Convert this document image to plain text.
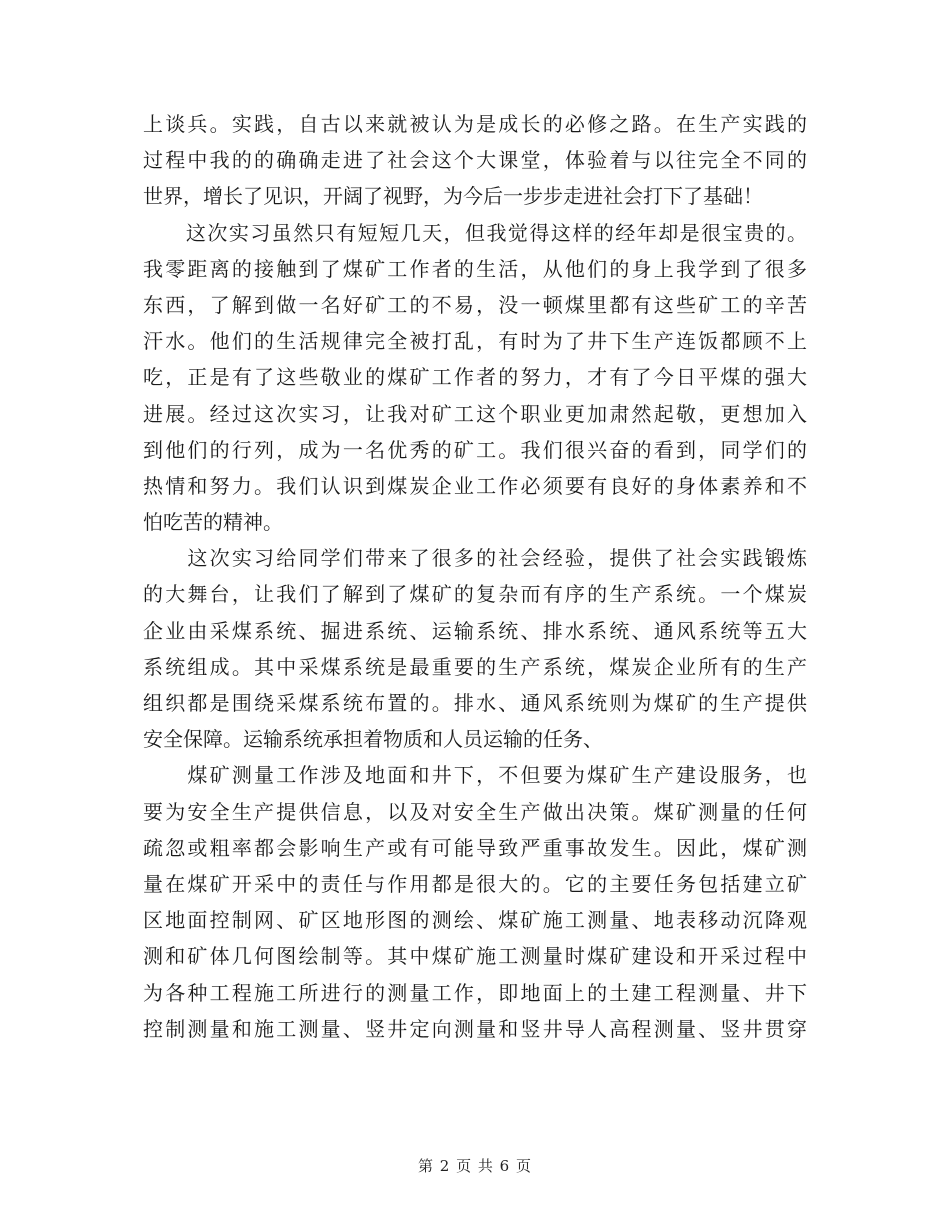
上谈兵。实践，自古以来就被认为是成长的必修之路。在生产实践的
过程中我的的确确走进了社会这个大课堂，体验着与以往完全不同的
世界，增长了见识，开阔了视野，为今后一步步走进社会打下了基础！
　　这次实习虽然只有短短几天，但我觉得这样的经年却是很宝贵的。
我零距离的接触到了煤矿工作者的生活，从他们的身上我学到了很多
东西，了解到做一名好矿工的不易，没一顿煤里都有这些矿工的辛苦
汗水。他们的生活规律完全被打乱，有时为了井下生产连饭都顾不上
吃，正是有了这些敬业的煤矿工作者的努力，才有了今日平煤的强大
进展。经过这次实习，让我对矿工这个职业更加肃然起敬，更想加入
到他们的行列，成为一名优秀的矿工。我们很兴奋的看到，同学们的
热情和努力。我们认识到煤炭企业工作必须要有良好的身体素养和不
怕吃苦的精神。
　　这次实习给同学们带来了很多的社会经验，提供了社会实践锻炼
的大舞台，让我们了解到了煤矿的复杂而有序的生产系统。一个煤炭
企业由采煤系统、掘进系统、运输系统、排水系统、通风系统等五大
系统组成。其中采煤系统是最重要的生产系统，煤炭企业所有的生产
组织都是围绕采煤系统布置的。排水、通风系统则为煤矿的生产提供
安全保障。运输系统承担着物质和人员运输的任务、
　　煤矿测量工作涉及地面和井下，不但要为煤矿生产建设服务，也
要为安全生产提供信息，以及对安全生产做出决策。煤矿测量的任何
疏忽或粗率都会影响生产或有可能导致严重事故发生。因此，煤矿测
量在煤矿开采中的责任与作用都是很大的。它的主要任务包括建立矿
区地面控制网、矿区地形图的测绘、煤矿施工测量、地表移动沉降观
测和矿体几何图绘制等。其中煤矿施工测量时煤矿建设和开采过程中
为各种工程施工所进行的测量工作，即地面上的土建工程测量、井下
控制测量和施工测量、竖井定向测量和竖井导人高程测量、竖井贯穿
第 2 页 共 6 页
